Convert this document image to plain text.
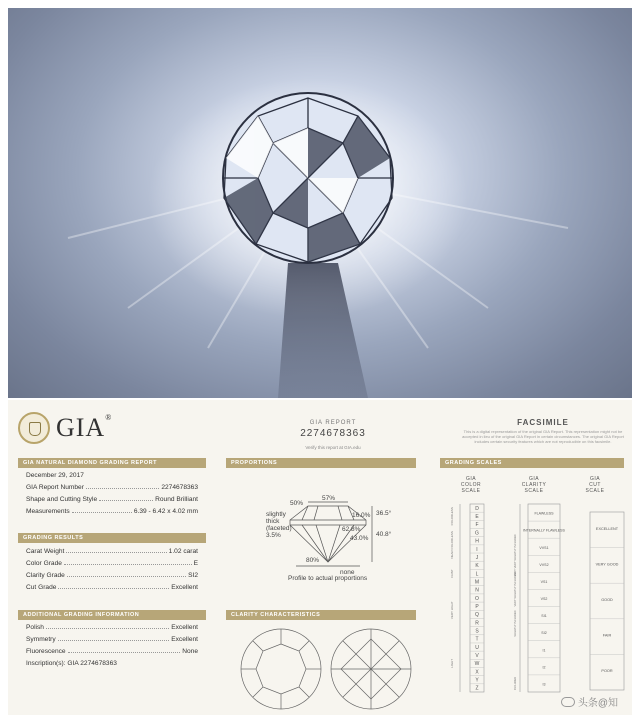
GIA®
GIA REPORT
2274678363
Verify this report at GIA.edu
FACSIMILE
This is a digital representation of the original GIA Report. This representation might not be accepted in lieu of the original GIA Report in certain circumstances. The original GIA Report includes certain security features which are not reproducible on this facsimile.
GIA NATURAL DIAMOND GRADING REPORT
December 29, 2017
GIA Report Number	2274678363
Shape and Cutting Style	Round Brilliant
Measurements	6.39 - 6.42 x 4.02 mm
GRADING RESULTS
Carat Weight	1.02 carat
Color Grade	E
Clarity Grade	SI2
Cut Grade	Excellent
ADDITIONAL GRADING INFORMATION
Polish	Excellent
Symmetry	Excellent
Fluorescence	None
Inscription(s): GIA 2274678363
PROPORTIONS
50%
57%
16.0% 36.5°
62.8%
43.0%
40.8°
80%
none
slightly
thick
(faceted)
3.5%
Profile to actual proportions
CLARITY CHARACTERISTICS
GRADING SCALES
GIA
COLOR
SCALE
GIA
CLARITY
SCALE
GIA
CUT
SCALE
D
E
F
G
H
I
J
K
L
M
N
O
P
Q
R
S
T
U
V
W
X
Y
Z
COLORLESS
NEAR COLORLESS
FAINT
VERY LIGHT
LIGHT
FLAWLESS
INTERNALLY FLAWLESS
VVS1
VVS2
VS1
VS2
SI1
SI2
I1
I2
I3
VERY VERY SLIGHTLY INCLUDED
VERY SLIGHTLY INCLUDED
SLIGHTLY INCLUDED
INCLUDED
EXCELLENT
VERY GOOD
GOOD
FAIR
POOR
头条@知
